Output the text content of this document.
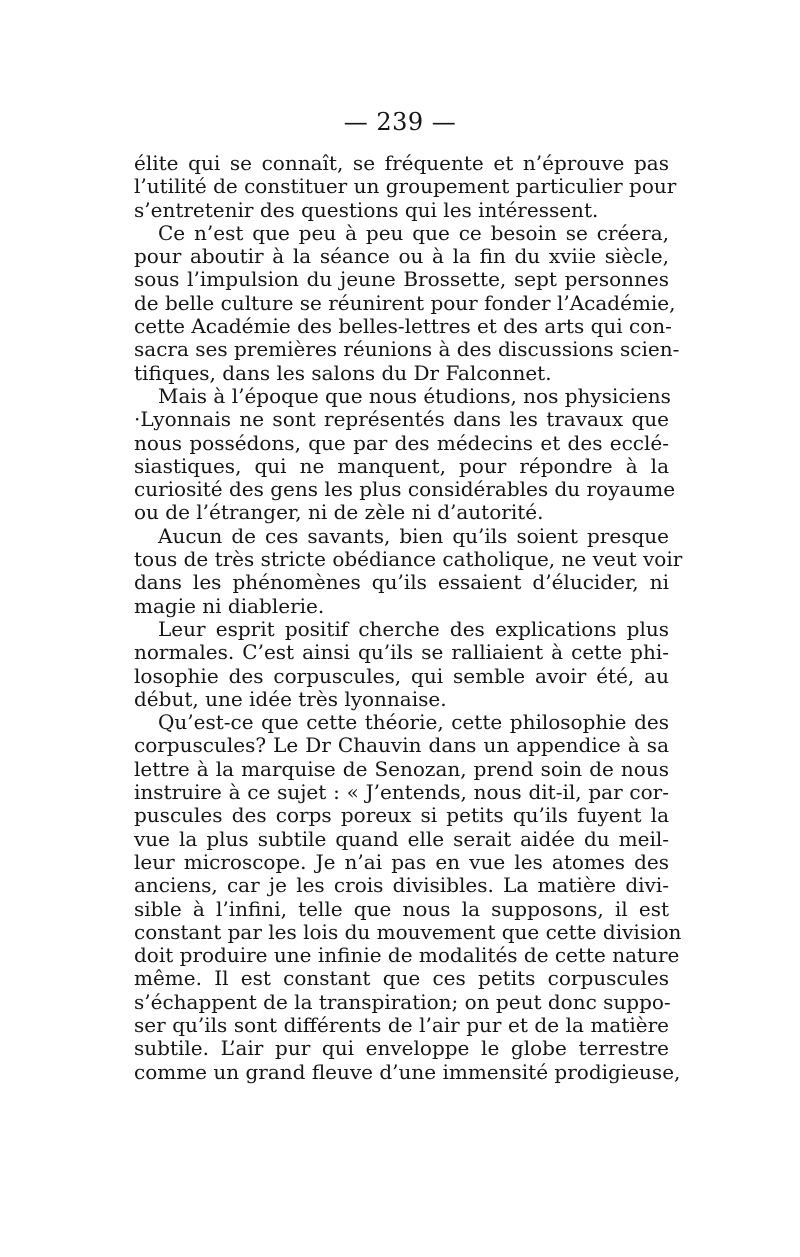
— 239 —
élite qui se connaît, se fréquente et n’éprouve pas
l’utilité de constituer un groupement particulier pour
s’entretenir des questions qui les intéressent.
Ce n’est que peu à peu que ce besoin se créera,
pour aboutir à la séance ou à la fin du xviie siècle,
sous l’impulsion du jeune Brossette, sept personnes
de belle culture se réunirent pour fonder l’Académie,
cette Académie des belles-lettres et des arts qui con-
sacra ses premières réunions à des discussions scien-
tifiques, dans les salons du Dr Falconnet.
Mais à l’époque que nous étudions, nos physiciens
·Lyonnais ne sont représentés dans les travaux que
nous possédons, que par des médecins et des ecclé-
siastiques, qui ne manquent, pour répondre à la
curiosité des gens les plus considérables du royaume
ou de l’étranger, ni de zèle ni d’autorité.
Aucun de ces savants, bien qu’ils soient presque
tous de très stricte obédiance catholique, ne veut voir
dans les phénomènes qu’ils essaient d’élucider, ni
magie ni diablerie.
Leur esprit positif cherche des explications plus
normales. C’est ainsi qu’ils se ralliaient à cette phi-
losophie des corpuscules, qui semble avoir été, au
début, une idée très lyonnaise.
Qu’est-ce que cette théorie, cette philosophie des
corpuscules? Le Dr Chauvin dans un appendice à sa
lettre à la marquise de Senozan, prend soin de nous
instruire à ce sujet : « J’entends, nous dit-il, par cor-
puscules des corps poreux si petits qu’ils fuyent la
vue la plus subtile quand elle serait aidée du meil-
leur microscope. Je n’ai pas en vue les atomes des
anciens, car je les crois divisibles. La matière divi-
sible à l’infini, telle que nous la supposons, il est
constant par les lois du mouvement que cette division
doit produire une infinie de modalités de cette nature
même. Il est constant que ces petits corpuscules
s’échappent de la transpiration; on peut donc suppo-
ser qu’ils sont différents de l’air pur et de la matière
subtile. L’air pur qui enveloppe le globe terrestre
comme un grand fleuve d’une immensité prodigieuse,
